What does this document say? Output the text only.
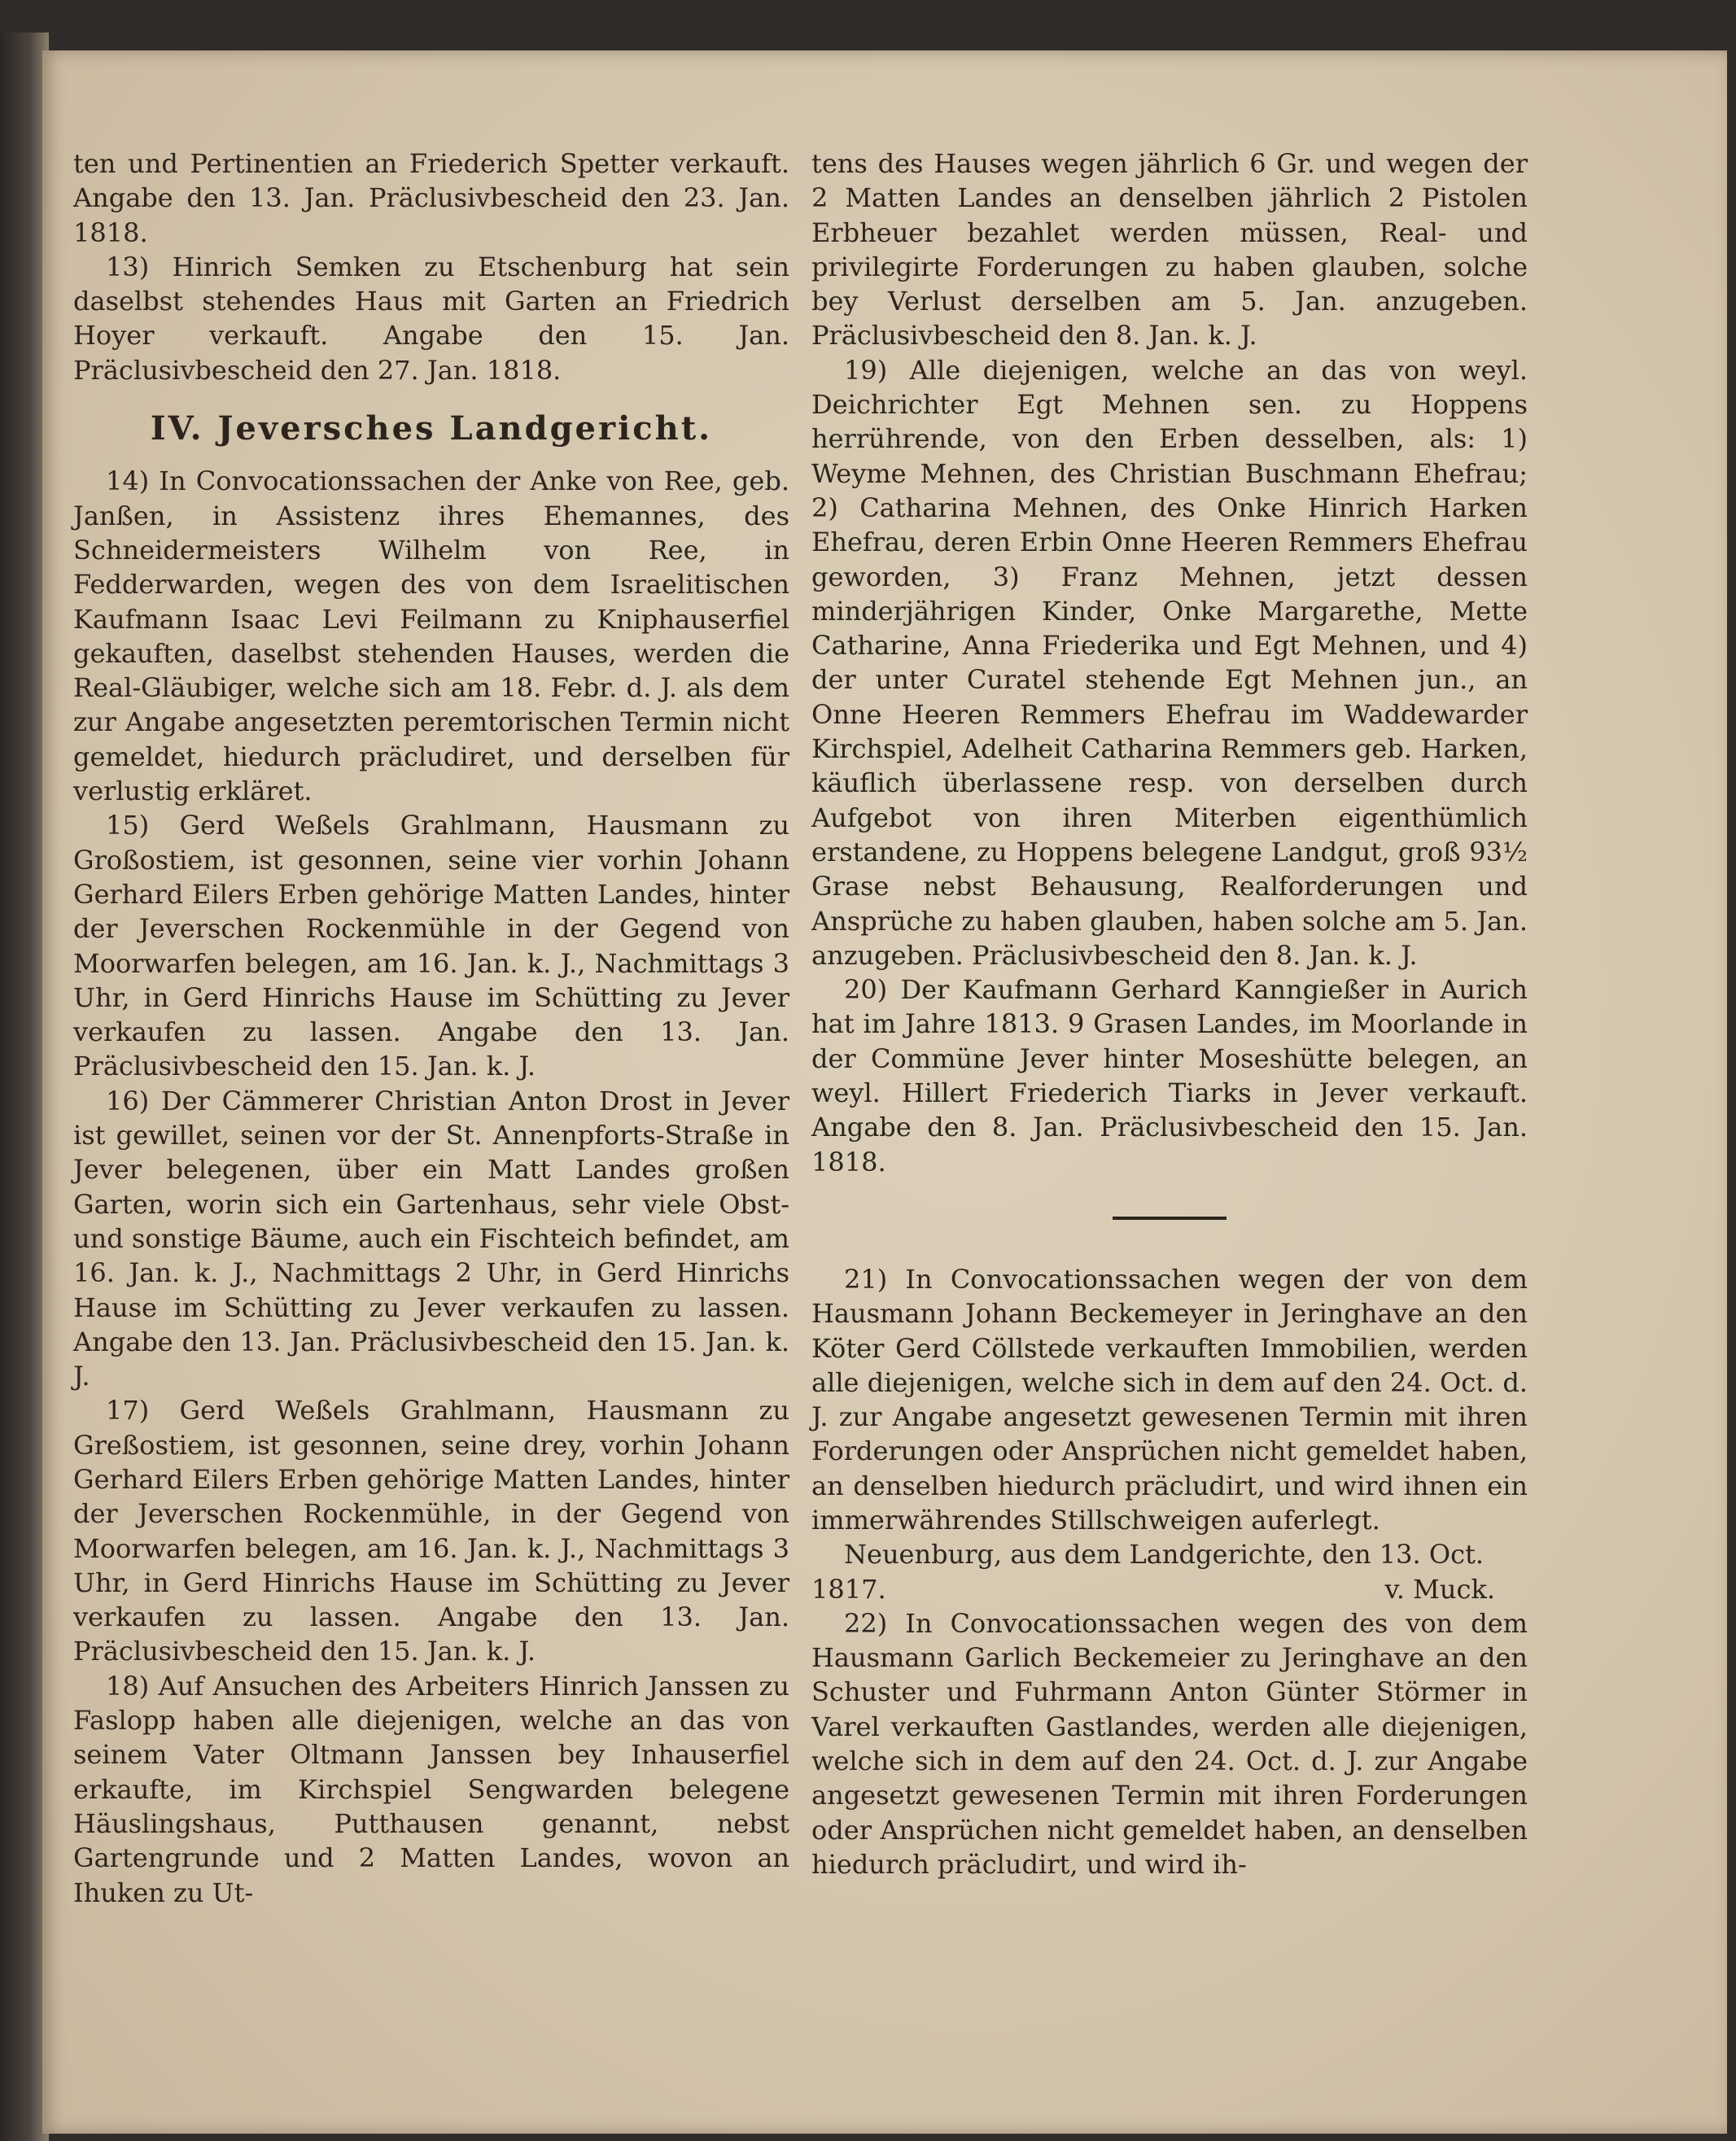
ten und Pertinentien an Friederich Spetter verkauft. Angabe den 13. Jan. Präclusivbescheid den 23. Jan. 1818.

13) Hinrich Semken zu Etschenburg hat sein daselbst stehendes Haus mit Garten an Friedrich Hoyer verkauft. Angabe den 15. Jan. Präclusivbescheid den 27. Jan. 1818.

IV. Jeversches Landgericht.

14) In Convocationssachen der Anke von Ree, geb. Janßen, in Assistenz ihres Ehemannes, des Schneidermeisters Wilhelm von Ree, in Fedderwarden, wegen des von dem Israelitischen Kaufmann Isaac Levi Feilmann zu Kniphauserfiel gekauften, daselbst stehenden Hauses, werden die Real-Gläubiger, welche sich am 18. Febr. d. J. als dem zur Angabe angesetzten peremtorischen Termin nicht gemeldet, hiedurch präcludiret, und derselben für verlustig erkläret.

15) Gerd Weßels Grahlmann, Hausmann zu Großostiem, ist gesonnen, seine vier vorhin Johann Gerhard Eilers Erben gehörige Matten Landes, hinter der Jeverschen Rockenmühle in der Gegend von Moorwarfen belegen, am 16. Jan. k. J., Nachmittags 3 Uhr, in Gerd Hinrichs Hause im Schütting zu Jever verkaufen zu lassen. Angabe den 13. Jan. Präclusivbescheid den 15. Jan. k. J.

16) Der Cämmerer Christian Anton Drost in Jever ist gewillet, seinen vor der St. Annenpforts-Straße in Jever belegenen, über ein Matt Landes großen Garten, worin sich ein Gartenhaus, sehr viele Obst- und sonstige Bäume, auch ein Fischteich befindet, am 16. Jan. k. J., Nachmittags 2 Uhr, in Gerd Hinrichs Hause im Schütting zu Jever verkaufen zu lassen. Angabe den 13. Jan. Präclusivbescheid den 15. Jan. k. J.

17) Gerd Weßels Grahlmann, Hausmann zu Greßostiem, ist gesonnen, seine drey, vorhin Johann Gerhard Eilers Erben gehörige Matten Landes, hinter der Jeverschen Rockenmühle, in der Gegend von Moorwarfen belegen, am 16. Jan. k. J., Nachmittags 3 Uhr, in Gerd Hinrichs Hause im Schütting zu Jever verkaufen zu lassen. Angabe den 13. Jan. Präclusivbescheid den 15. Jan. k. J.

18) Auf Ansuchen des Arbeiters Hinrich Janssen zu Faslopp haben alle diejenigen, welche an das von seinem Vater Oltmann Janssen bey Inhauserfiel erkaufte, im Kirchspiel Sengwarden belegene Häuslingshaus, Putthausen genannt, nebst Gartengrunde und 2 Matten Landes, wovon an Ihuken zu Ut-

tens des Hauses wegen jährlich 6 Gr. und wegen der 2 Matten Landes an denselben jährlich 2 Pistolen Erbheuer bezahlet werden müssen, Real- und privilegirte Forderungen zu haben glauben, solche bey Verlust derselben am 5. Jan. anzugeben. Präclusivbescheid den 8. Jan. k. J.

19) Alle diejenigen, welche an das von weyl. Deichrichter Egt Mehnen sen. zu Hoppens herrührende, von den Erben desselben, als: 1) Weyme Mehnen, des Christian Buschmann Ehefrau; 2) Catharina Mehnen, des Onke Hinrich Harken Ehefrau, deren Erbin Onne Heeren Remmers Ehefrau geworden, 3) Franz Mehnen, jetzt dessen minderjährigen Kinder, Onke Margarethe, Mette Catharine, Anna Friederika und Egt Mehnen, und 4) der unter Curatel stehende Egt Mehnen jun., an Onne Heeren Remmers Ehefrau im Waddewarder Kirchspiel, Adelheit Catharina Remmers geb. Harken, käuflich überlassene resp. von derselben durch Aufgebot von ihren Miterben eigenthümlich erstandene, zu Hoppens belegene Landgut, groß 93½ Grase nebst Behausung, Realforderungen und Ansprüche zu haben glauben, haben solche am 5. Jan. anzugeben. Präclusivbescheid den 8. Jan. k. J.

20) Der Kaufmann Gerhard Kanngießer in Aurich hat im Jahre 1813. 9 Grasen Landes, im Moorlande in der Commüne Jever hinter Moseshütte belegen, an weyl. Hillert Friederich Tiarks in Jever verkauft. Angabe den 8. Jan. Präclusivbescheid den 15. Jan. 1818.

21) In Convocationssachen wegen der von dem Hausmann Johann Beckemeyer in Jeringhave an den Köter Gerd Cöllstede verkauften Immobilien, werden alle diejenigen, welche sich in dem auf den 24. Oct. d. J. zur Angabe angesetzt gewesenen Termin mit ihren Forderungen oder Ansprüchen nicht gemeldet haben, an denselben hiedurch präcludirt, und wird ihnen ein immerwährendes Stillschweigen auferlegt.

Neuenburg, aus dem Landgerichte, den 13. Oct.

1817.	v. Muck.

22) In Convocationssachen wegen des von dem Hausmann Garlich Beckemeier zu Jeringhave an den Schuster und Fuhrmann Anton Günter Störmer in Varel verkauften Gastlandes, werden alle diejenigen, welche sich in dem auf den 24. Oct. d. J. zur Angabe angesetzt gewesenen Termin mit ihren Forderungen oder Ansprüchen nicht gemeldet haben, an denselben hiedurch präcludirt, und wird ih-
